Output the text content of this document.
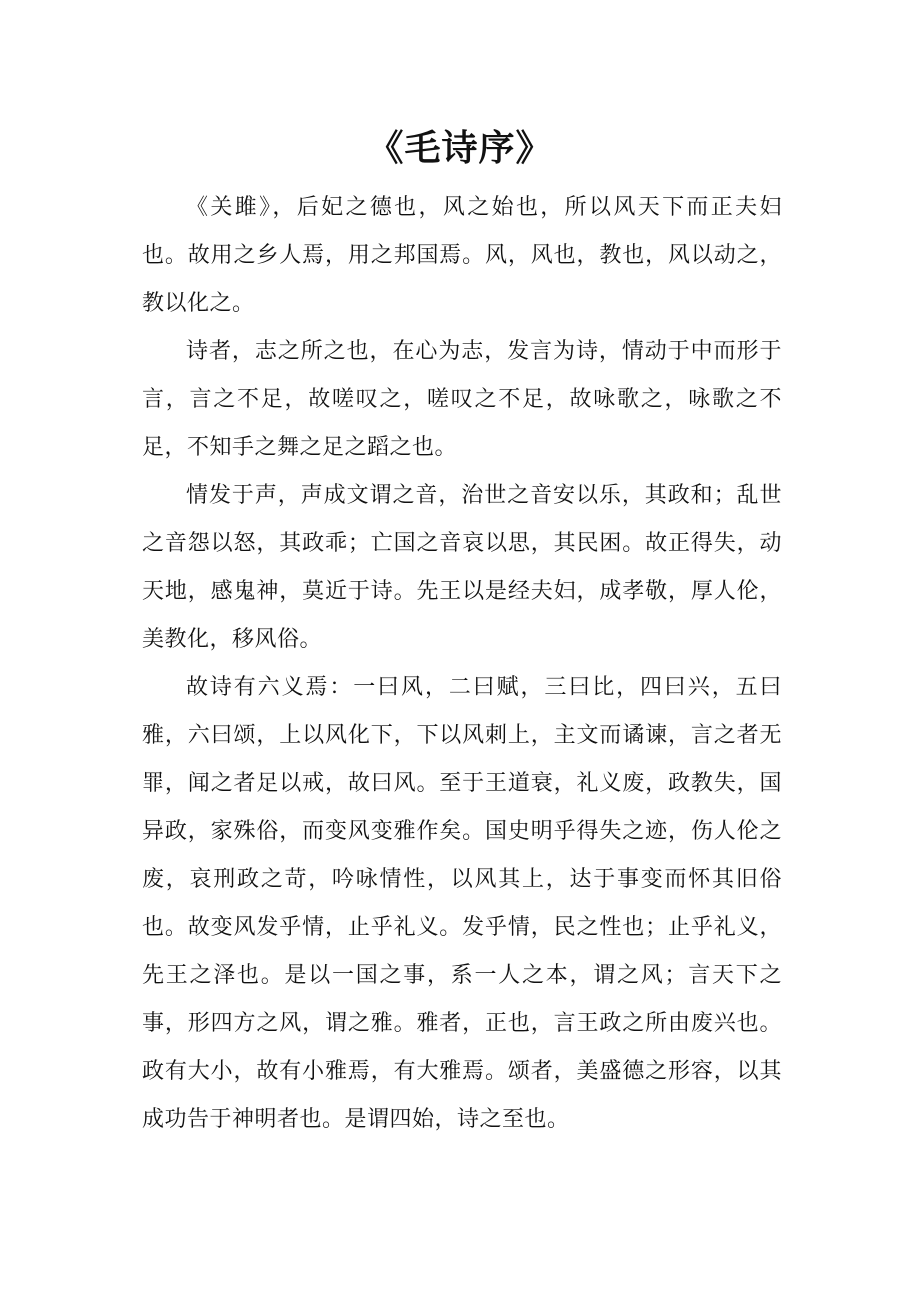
《毛诗序》

《关雎》，后妃之德也，风之始也，所以风天下而正夫妇也。故用之乡人焉，用之邦国焉。风，风也，教也，风以动之，教以化之。

诗者，志之所之也，在心为志，发言为诗，情动于中而形于言，言之不足，故嗟叹之，嗟叹之不足，故咏歌之，咏歌之不足，不知手之舞之足之蹈之也。

情发于声，声成文谓之音，治世之音安以乐，其政和；乱世之音怨以怒，其政乖；亡国之音哀以思，其民困。故正得失，动天地，感鬼神，莫近于诗。先王以是经夫妇，成孝敬，厚人伦，美教化，移风俗。

故诗有六义焉：一曰风，二曰赋，三曰比，四曰兴，五曰雅，六曰颂，上以风化下，下以风刺上，主文而谲谏，言之者无罪，闻之者足以戒，故曰风。至于王道衰，礼义废，政教失，国异政，家殊俗，而变风变雅作矣。国史明乎得失之迹，伤人伦之废，哀刑政之苛，吟咏情性，以风其上，达于事变而怀其旧俗也。故变风发乎情，止乎礼义。发乎情，民之性也；止乎礼义，先王之泽也。是以一国之事，系一人之本，谓之风；言天下之事，形四方之风，谓之雅。雅者，正也，言王政之所由废兴也。政有大小，故有小雅焉，有大雅焉。颂者，美盛德之形容，以其成功告于神明者也。是谓四始，诗之至也。
